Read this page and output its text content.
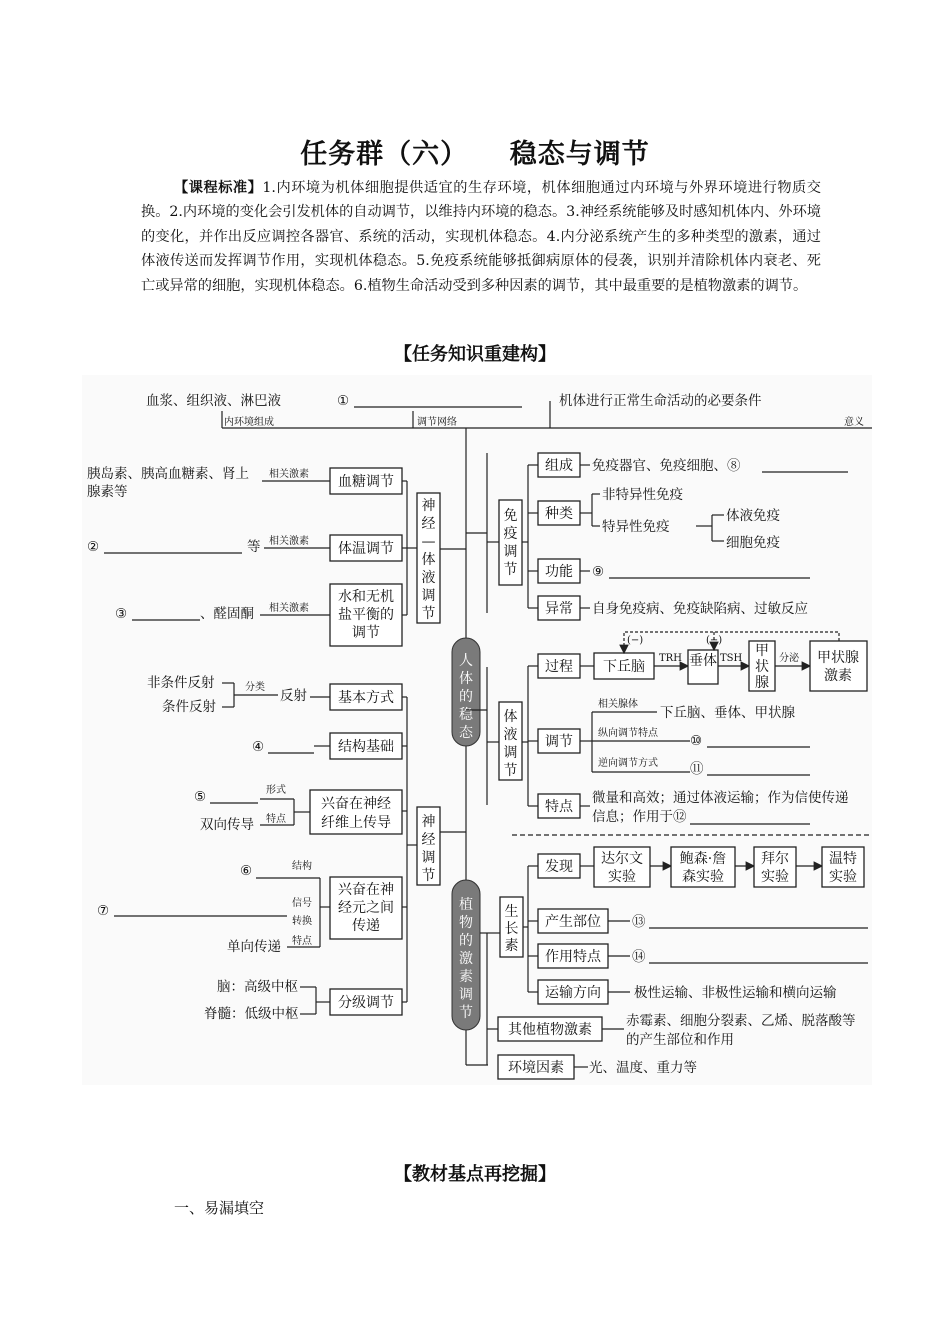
任务群（六）    稳态与调节
【课程标准】1.内环境为机体细胞提供适宜的生存环境，机体细胞通过内环境与外界环境进行物质交换。2.内环境的变化会引发机体的自动调节，以维持内环境的稳态。3.神经系统能够及时感知机体内、外环境的变化，并作出反应调控各器官、系统的活动，实现机体稳态。4.内分泌系统产生的多种类型的激素，通过体液传送而发挥调节作用，实现机体稳态。5.免疫系统能够抵御病原体的侵袭，识别并清除机体内衰老、死亡或异常的细胞，实现机体稳态。6.植物生命活动受到多种因素的调节，其中最重要的是植物激素的调节。
【任务知识重建构】
血浆、组织液、淋巴液	①	机体进行正常生命活动的必要条件
内环境组成	调节网络	意义
人
体
的
稳
态
植
物
的
激
素
调
节
神
经
—
体
液
调
节
胰岛素、胰高血糖素、肾上
腺素等
相关激素 血糖调节
②	等 相关激素 体温调节
③	、醛固酮 相关激素
水和无机
盐平衡的
调节
神
经
调
节
非条件反射
条件反射
分类
反射 基本方式
④	结构基础
⑤
双向传导
形式
特点
兴奋在神经
纤维上传导
⑥
⑦
单向传递
结构
信号
转换
特点
兴奋在神
经元之间
传递
脑：高级中枢
脊髓：低级中枢
分级调节
免
疫
调
节
组成 免疫器官、免疫细胞、⑧
种类
非特异性免疫
特异性免疫
体液免疫
细胞免疫
功能 ⑨
异常 自身免疫病、免疫缺陷病、过敏反应
体
液
调
节
过程 下丘脑
TRH 垂体 TSH 甲
状
腺
分泌 甲状腺
激素
(−)	(−)
调节
相关腺体
下丘脑、垂体、甲状腺
纵向调节特点 ⑩
逆向调节方式 ⑪
特点
微量和高效；通过体液运输；作为信使传递
信息；作用于⑫
生
长
素
发现 达尔文
实验
鲍森·詹
森实验
拜尔
实验
温特
实验
产生部位 ⑬
作用特点 ⑭
运输方向 极性运输、非极性运输和横向运输
其他植物激素
赤霉素、细胞分裂素、乙烯、脱落酸等
的产生部位和作用
环境因素 光、温度、重力等
【教材基点再挖掘】
一、易漏填空
